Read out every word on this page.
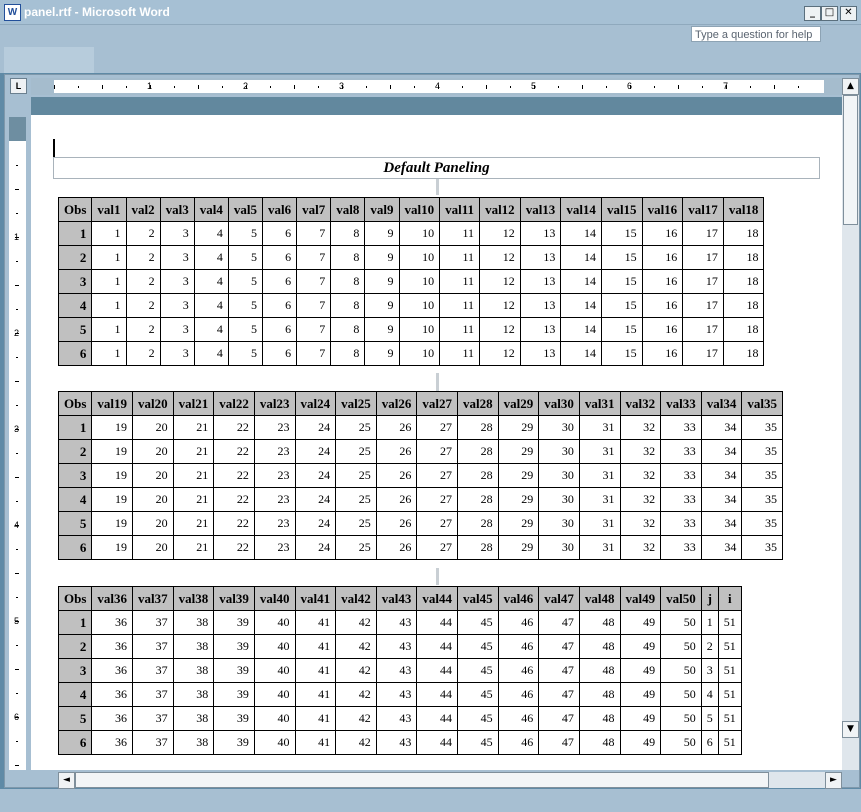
W panel.rtf - Microsoft Word	_ □	✕
Type a question for help
L	1	2	3	4	5	6	7
1
2
3
4
5
6
Default Paneling
Obs	val1	val2	val3	val4	val5	val6	val7	val8	val9	val10	val11	val12	val13	val14	val15	val16	val17	val18
1	1	2	3	4	5	6	7	8	9	10	11	12	13	14	15	16	17	18
2	1	2	3	4	5	6	7	8	9	10	11	12	13	14	15	16	17	18
3	1	2	3	4	5	6	7	8	9	10	11	12	13	14	15	16	17	18
4	1	2	3	4	5	6	7	8	9	10	11	12	13	14	15	16	17	18
5	1	2	3	4	5	6	7	8	9	10	11	12	13	14	15	16	17	18
6	1	2	3	4	5	6	7	8	9	10	11	12	13	14	15	16	17	18
Obs	val19	val20	val21	val22	val23	val24	val25	val26	val27	val28	val29	val30	val31	val32	val33	val34	val35
1	19	20	21	22	23	24	25	26	27	28	29	30	31	32	33	34	35
2	19	20	21	22	23	24	25	26	27	28	29	30	31	32	33	34	35
3	19	20	21	22	23	24	25	26	27	28	29	30	31	32	33	34	35
4	19	20	21	22	23	24	25	26	27	28	29	30	31	32	33	34	35
5	19	20	21	22	23	24	25	26	27	28	29	30	31	32	33	34	35
6	19	20	21	22	23	24	25	26	27	28	29	30	31	32	33	34	35
Obs	val36	val37	val38	val39	val40	val41	val42	val43	val44	val45	val46	val47	val48	val49	val50	j	i
1	36	37	38	39	40	41	42	43	44	45	46	47	48	49	50	1	51
2	36	37	38	39	40	41	42	43	44	45	46	47	48	49	50	2	51
3	36	37	38	39	40	41	42	43	44	45	46	47	48	49	50	3	51
4	36	37	38	39	40	41	42	43	44	45	46	47	48	49	50	4	51
5	36	37	38	39	40	41	42	43	44	45	46	47	48	49	50	5	51
6	36	37	38	39	40	41	42	43	44	45	46	47	48	49	50	6	51
▲
▼
◄	►
